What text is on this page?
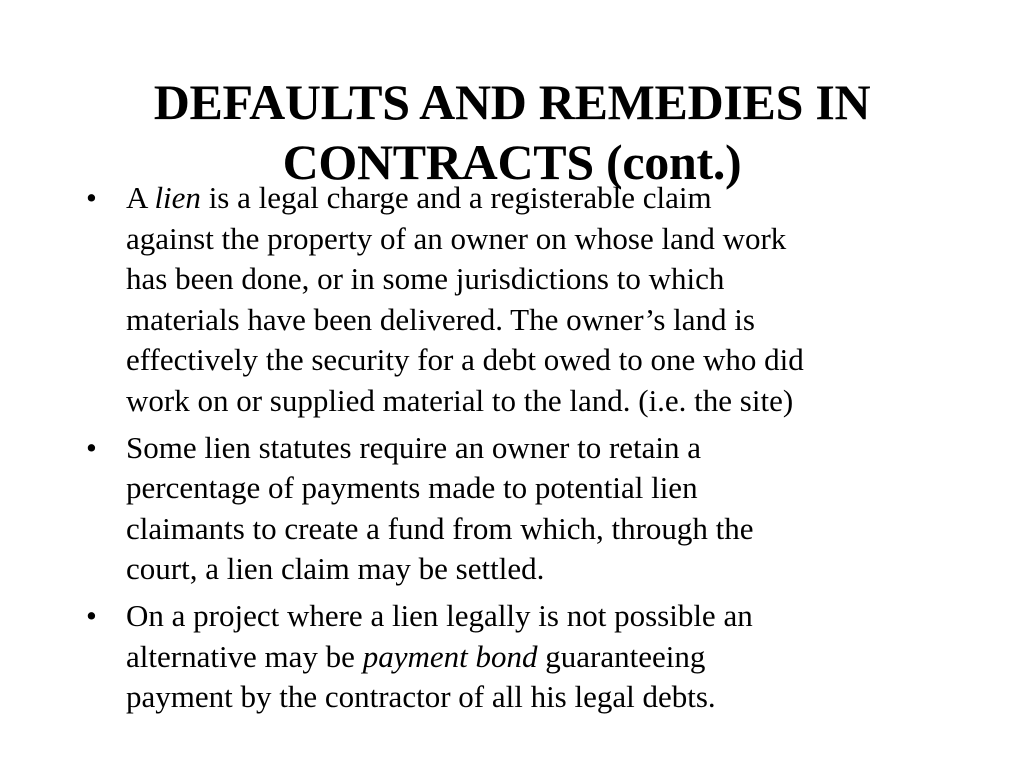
DEFAULTS AND REMEDIES IN
CONTRACTS (cont.)
• A lien is a legal charge and a registerable claim
against the property of an owner on whose land work
has been done, or in some jurisdictions to which
materials have been delivered. The owner’s land is
effectively the security for a debt owed to one who did
work on or supplied material to the land. (i.e. the site)
• Some lien statutes require an owner to retain a
percentage of payments made to potential lien
claimants to create a fund from which, through the
court, a lien claim may be settled.
• On a project where a lien legally is not possible an
alternative may be payment bond guaranteeing
payment by the contractor of all his legal debts.
